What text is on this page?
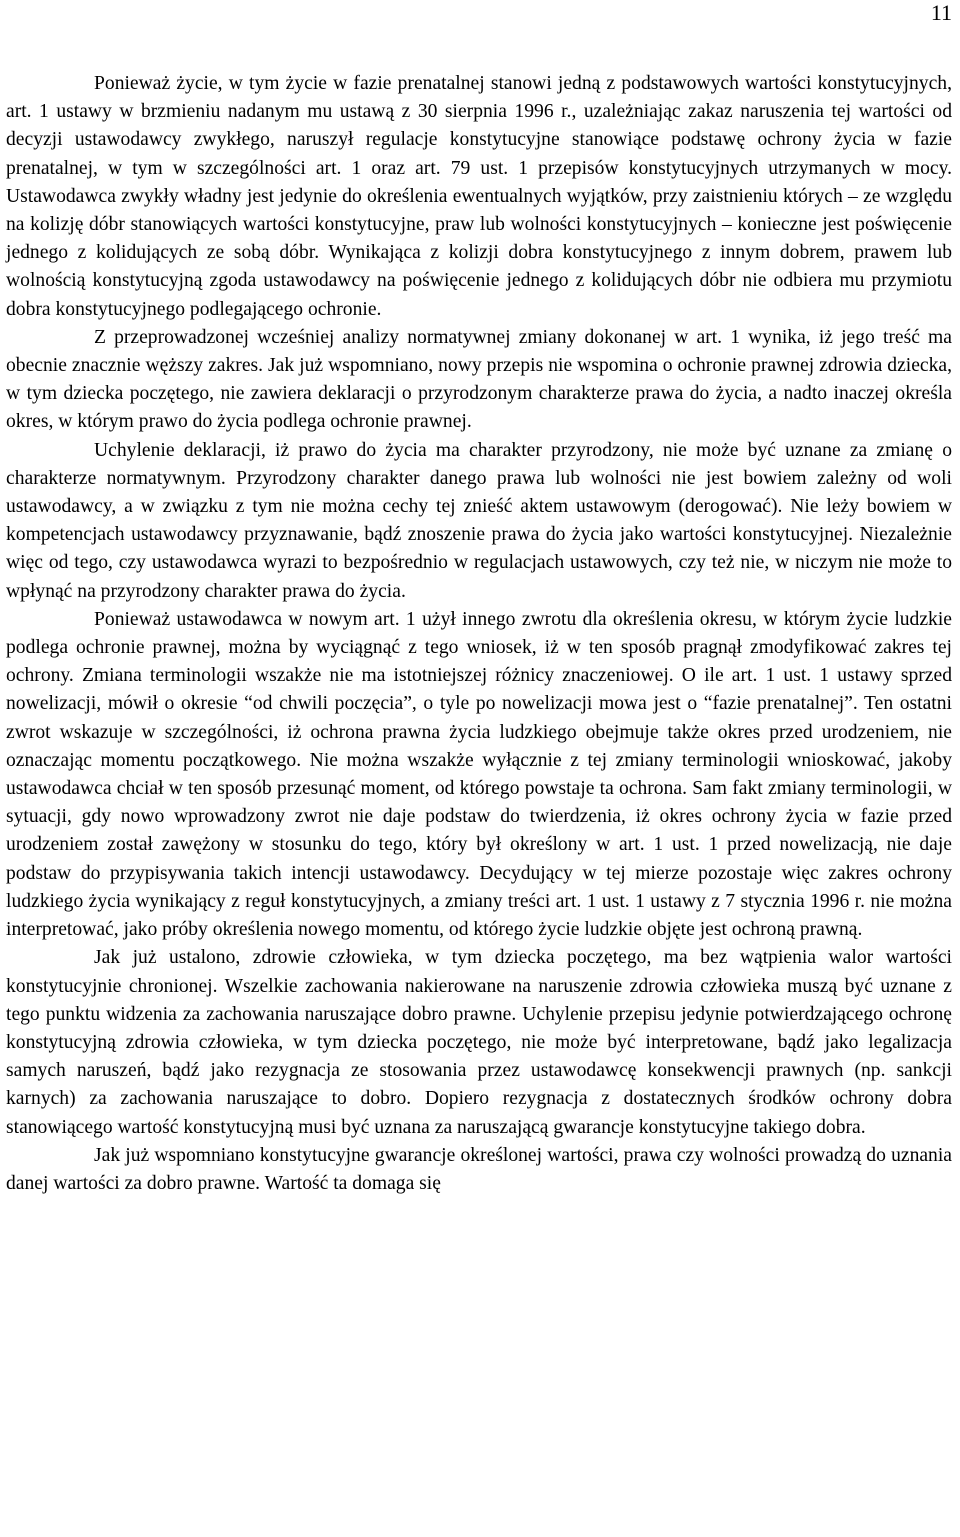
11

Ponieważ życie, w tym życie w fazie prenatalnej stanowi jedną z podstawowych wartości konstytucyjnych, art. 1 ustawy w brzmieniu nadanym mu ustawą z 30 sierpnia 1996 r., uzależniając zakaz naruszenia tej wartości od decyzji ustawodawcy zwykłego, naruszył regulacje konstytucyjne stanowiące podstawę ochrony życia w fazie prenatalnej, w tym w szczególności art. 1 oraz art. 79 ust. 1 przepisów konstytucyjnych utrzymanych w mocy. Ustawodawca zwykły władny jest jedynie do określenia ewentualnych wyjątków, przy zaistnieniu których – ze względu na kolizję dóbr stanowiących wartości konstytucyjne, praw lub wolności konstytucyjnych – konieczne jest poświęcenie jednego z kolidujących ze sobą dóbr. Wynikająca z kolizji dobra konstytucyjnego z innym dobrem, prawem lub wolnością konstytucyjną zgoda ustawodawcy na poświęcenie jednego z kolidujących dóbr nie odbiera mu przymiotu dobra konstytucyjnego podlegającego ochronie.

Z przeprowadzonej wcześniej analizy normatywnej zmiany dokonanej w art. 1 wynika, iż jego treść ma obecnie znacznie węższy zakres. Jak już wspomniano, nowy przepis nie wspomina o ochronie prawnej zdrowia dziecka, w tym dziecka poczętego, nie zawiera deklaracji o przyrodzonym charakterze prawa do życia, a nadto inaczej określa okres, w którym prawo do życia podlega ochronie prawnej.

Uchylenie deklaracji, iż prawo do życia ma charakter przyrodzony, nie może być uznane za zmianę o charakterze normatywnym. Przyrodzony charakter danego prawa lub wolności nie jest bowiem zależny od woli ustawodawcy, a w związku z tym nie można cechy tej znieść aktem ustawowym (derogować). Nie leży bowiem w kompetencjach ustawodawcy przyznawanie, bądź znoszenie prawa do życia jako wartości konstytucyjnej. Niezależnie więc od tego, czy ustawodawca wyrazi to bezpośrednio w regulacjach ustawowych, czy też nie, w niczym nie może to wpłynąć na przyrodzony charakter prawa do życia.

Ponieważ ustawodawca w nowym art. 1 użył innego zwrotu dla określenia okresu, w którym życie ludzkie podlega ochronie prawnej, można by wyciągnąć z tego wniosek, iż w ten sposób pragnął zmodyfikować zakres tej ochrony. Zmiana terminologii wszakże nie ma istotniejszej różnicy znaczeniowej. O ile art. 1 ust. 1 ustawy sprzed nowelizacji, mówił o okresie “od chwili poczęcia”, o tyle po nowelizacji mowa jest o “fazie prenatalnej”. Ten ostatni zwrot wskazuje w szczególności, iż ochrona prawna życia ludzkiego obejmuje także okres przed urodzeniem, nie oznaczając momentu początkowego. Nie można wszakże wyłącznie z tej zmiany terminologii wnioskować, jakoby ustawodawca chciał w ten sposób przesunąć moment, od którego powstaje ta ochrona. Sam fakt zmiany terminologii, w sytuacji, gdy nowo wprowadzony zwrot nie daje podstaw do twierdzenia, iż okres ochrony życia w fazie przed urodzeniem został zawężony w stosunku do tego, który był określony w art. 1 ust. 1 przed nowelizacją, nie daje podstaw do przypisywania takich intencji ustawodawcy. Decydujący w tej mierze pozostaje więc zakres ochrony ludzkiego życia wynikający z reguł konstytucyjnych, a zmiany treści art. 1 ust. 1 ustawy z 7 stycznia 1996 r. nie można interpretować, jako próby określenia nowego momentu, od którego życie ludzkie objęte jest ochroną prawną.

Jak już ustalono, zdrowie człowieka, w tym dziecka poczętego, ma bez wątpienia walor wartości konstytucyjnie chronionej. Wszelkie zachowania nakierowane na naruszenie zdrowia człowieka muszą być uznane z tego punktu widzenia za zachowania naruszające dobro prawne. Uchylenie przepisu jedynie potwierdzającego ochronę konstytucyjną zdrowia człowieka, w tym dziecka poczętego, nie może być interpretowane, bądź jako legalizacja samych naruszeń, bądź jako rezygnacja ze stosowania przez ustawodawcę konsekwencji prawnych (np. sankcji karnych) za zachowania naruszające to dobro. Dopiero rezygnacja z dostatecznych środków ochrony dobra stanowiącego wartość konstytucyjną musi być uznana za naruszającą gwarancje konstytucyjne takiego dobra.

Jak już wspomniano konstytucyjne gwarancje określonej wartości, prawa czy wolności prowadzą do uznania danej wartości za dobro prawne. Wartość ta domaga się
